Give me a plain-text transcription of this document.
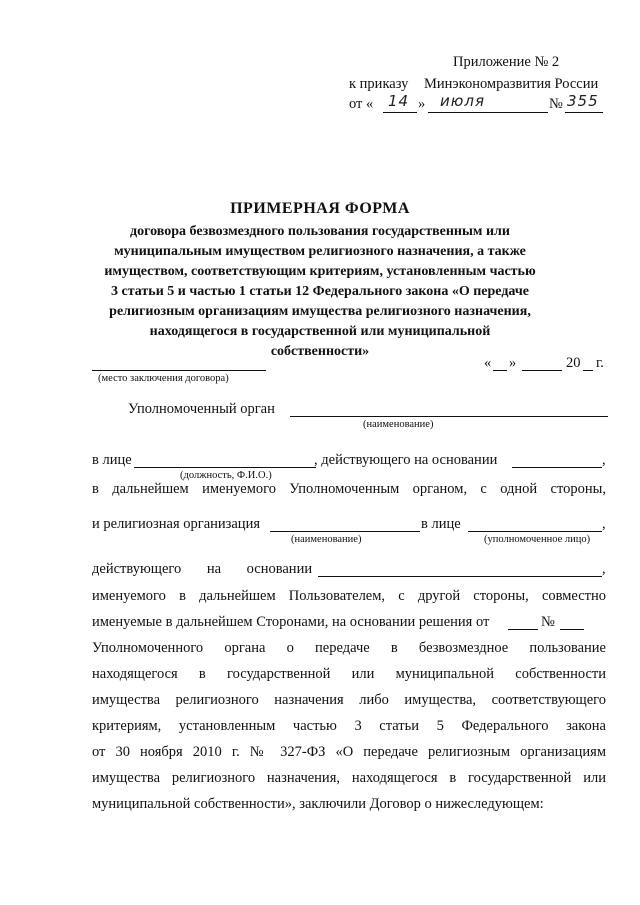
Приложение № 2
к приказу Минэкономразвития России
от « 14 » июля	№ 355
ПРИМЕРНАЯ ФОРМА
договора безвозмездного пользования государственным или муниципальным имуществом религиозного назначения, а также имуществом, соответствующим критериям, установленным частью 3 статьи 5 и частью 1 статьи 12 Федерального закона «О передаче религиозным организациям имущества религиозного назначения, находящегося в государственной или муниципальной собственности»
(место заключения договора)
« »	20 г.
Уполномоченный орган
(наименование)
в лице	, действующего на основании	,
(должность, Ф.И.О.)
в дальнейшем именуемого Уполномоченным органом, с одной стороны,
и религиозная организация	в лице	,
(наименование)	(уполномоченное лицо)
действующего на основании	,
именуемого в дальнейшем Пользователем, с другой стороны, совместно
именуемые в дальнейшем Сторонами, на основании решения от	№
Уполномоченного органа о передаче в безвозмездное пользование
находящегося в государственной или муниципальной собственности
имущества религиозного назначения либо имущества, соответствующего
критериям, установленным частью 3 статьи 5 Федерального закона
от 30 ноября 2010 г. № 327-ФЗ «О передаче религиозным организациям
имущества религиозного назначения, находящегося в государственной или
муниципальной собственности», заключили Договор о нижеследующем:
